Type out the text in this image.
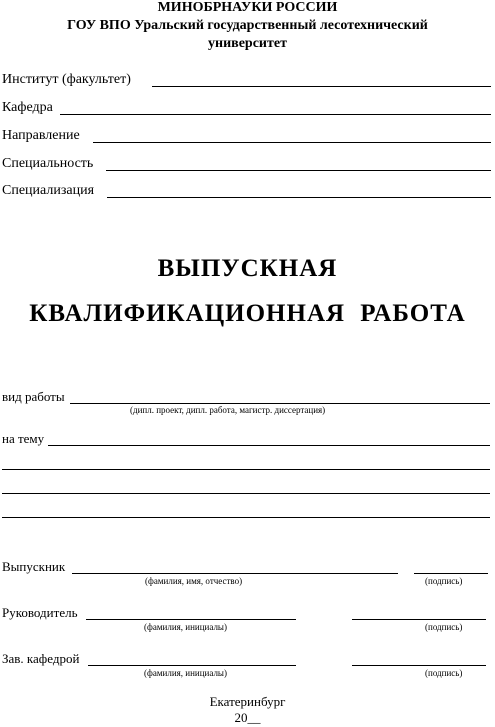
МИНОБРНАУКИ РОССИИ
ГОУ ВПО Уральский государственный лесотехнический
университет
Институт (факультет)
Кафедра
Направление
Специальность
Специализация
ВЫПУСКНАЯ
КВАЛИФИКАЦИОННАЯ РАБОТА
вид работы
(дипл. проект, дипл. работа, магистр. диссертация)
на тему
Выпускник
(фамилия, имя, отчество)	(подпись)
Руководитель
(фамилия, инициалы)	(подпись)
Зав. кафедрой
(фамилия, инициалы)	(подпись)
Екатеринбург
20__
